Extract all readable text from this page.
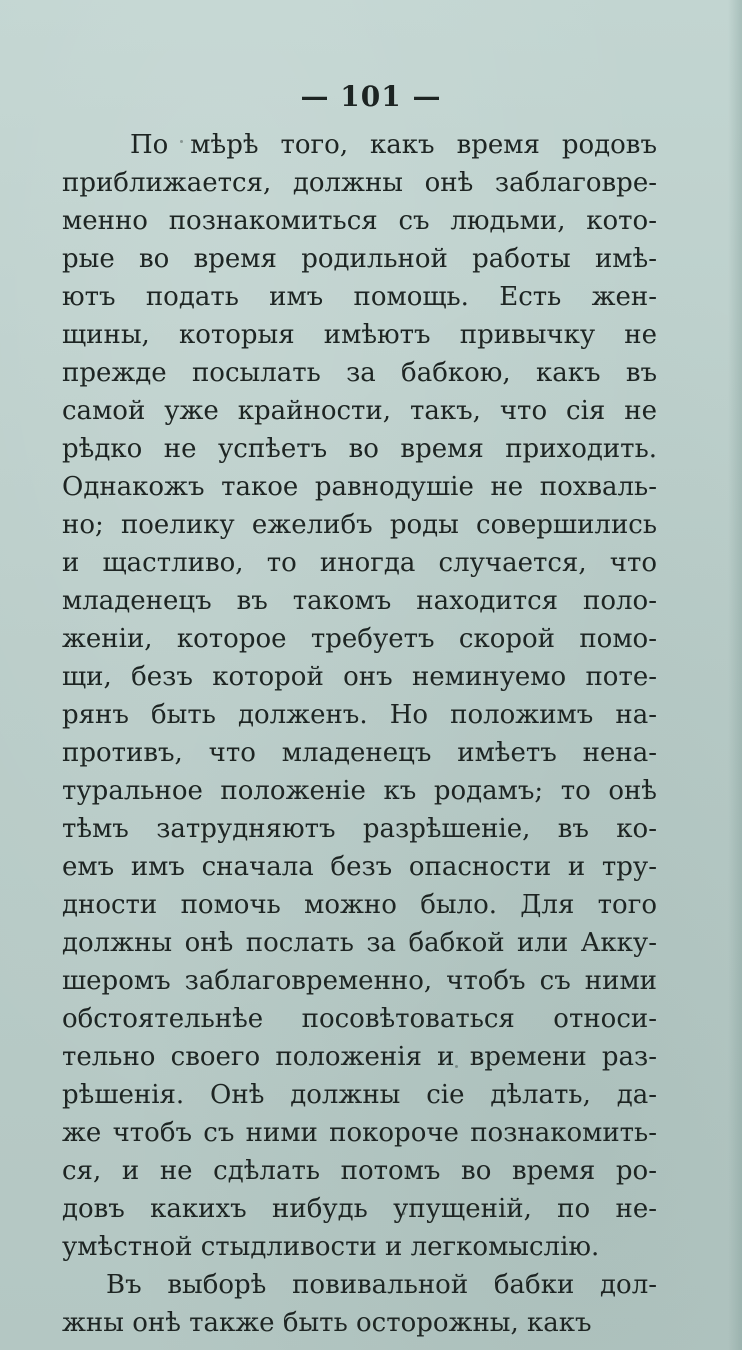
— 101 —
По мѣрѣ того, какъ время родовъ
приближается, должны онѣ заблаговре-
менно познакомиться съ людьми, кото-
рые во время родильной работы имѣ-
ютъ подать имъ помощь. Есть жен-
щины, которыя имѣютъ привычку не
прежде посылать за бабкою, какъ въ
самой уже крайности, такъ, что сія не
рѣдко не успѣетъ во время приходить.
Однакожъ такое равнодушіе не похваль-
но; поелику ежелибъ роды совершились
и щастливо, то иногда случается, что
младенецъ въ такомъ находится поло-
женіи, которое требуетъ скорой помо-
щи, безъ которой онъ неминуемо поте-
рянъ быть долженъ. Но положимъ на-
противъ, что младенецъ имѣетъ нена-
туральное положеніе къ родамъ; то онѣ
тѣмъ затрудняютъ разрѣшеніе, въ ко-
емъ имъ сначала безъ опасности и тру-
дности помочь можно было. Для того
должны онѣ послать за бабкой или Акку-
шеромъ заблаговременно, чтобъ съ ними
обстоятельнѣе посовѣтоваться относи-
тельно своего положенія и времени раз-
рѣшенія. Онѣ должны сіе дѣлать, да-
же чтобъ съ ними покороче познакомить-
ся, и не сдѣлать потомъ во время ро-
довъ какихъ нибудь упущеній, по не-
умѣстной стыдливости и легкомыслію.
Въ выборѣ повивальной бабки дол-
жны онѣ также быть осторожны, какъ
